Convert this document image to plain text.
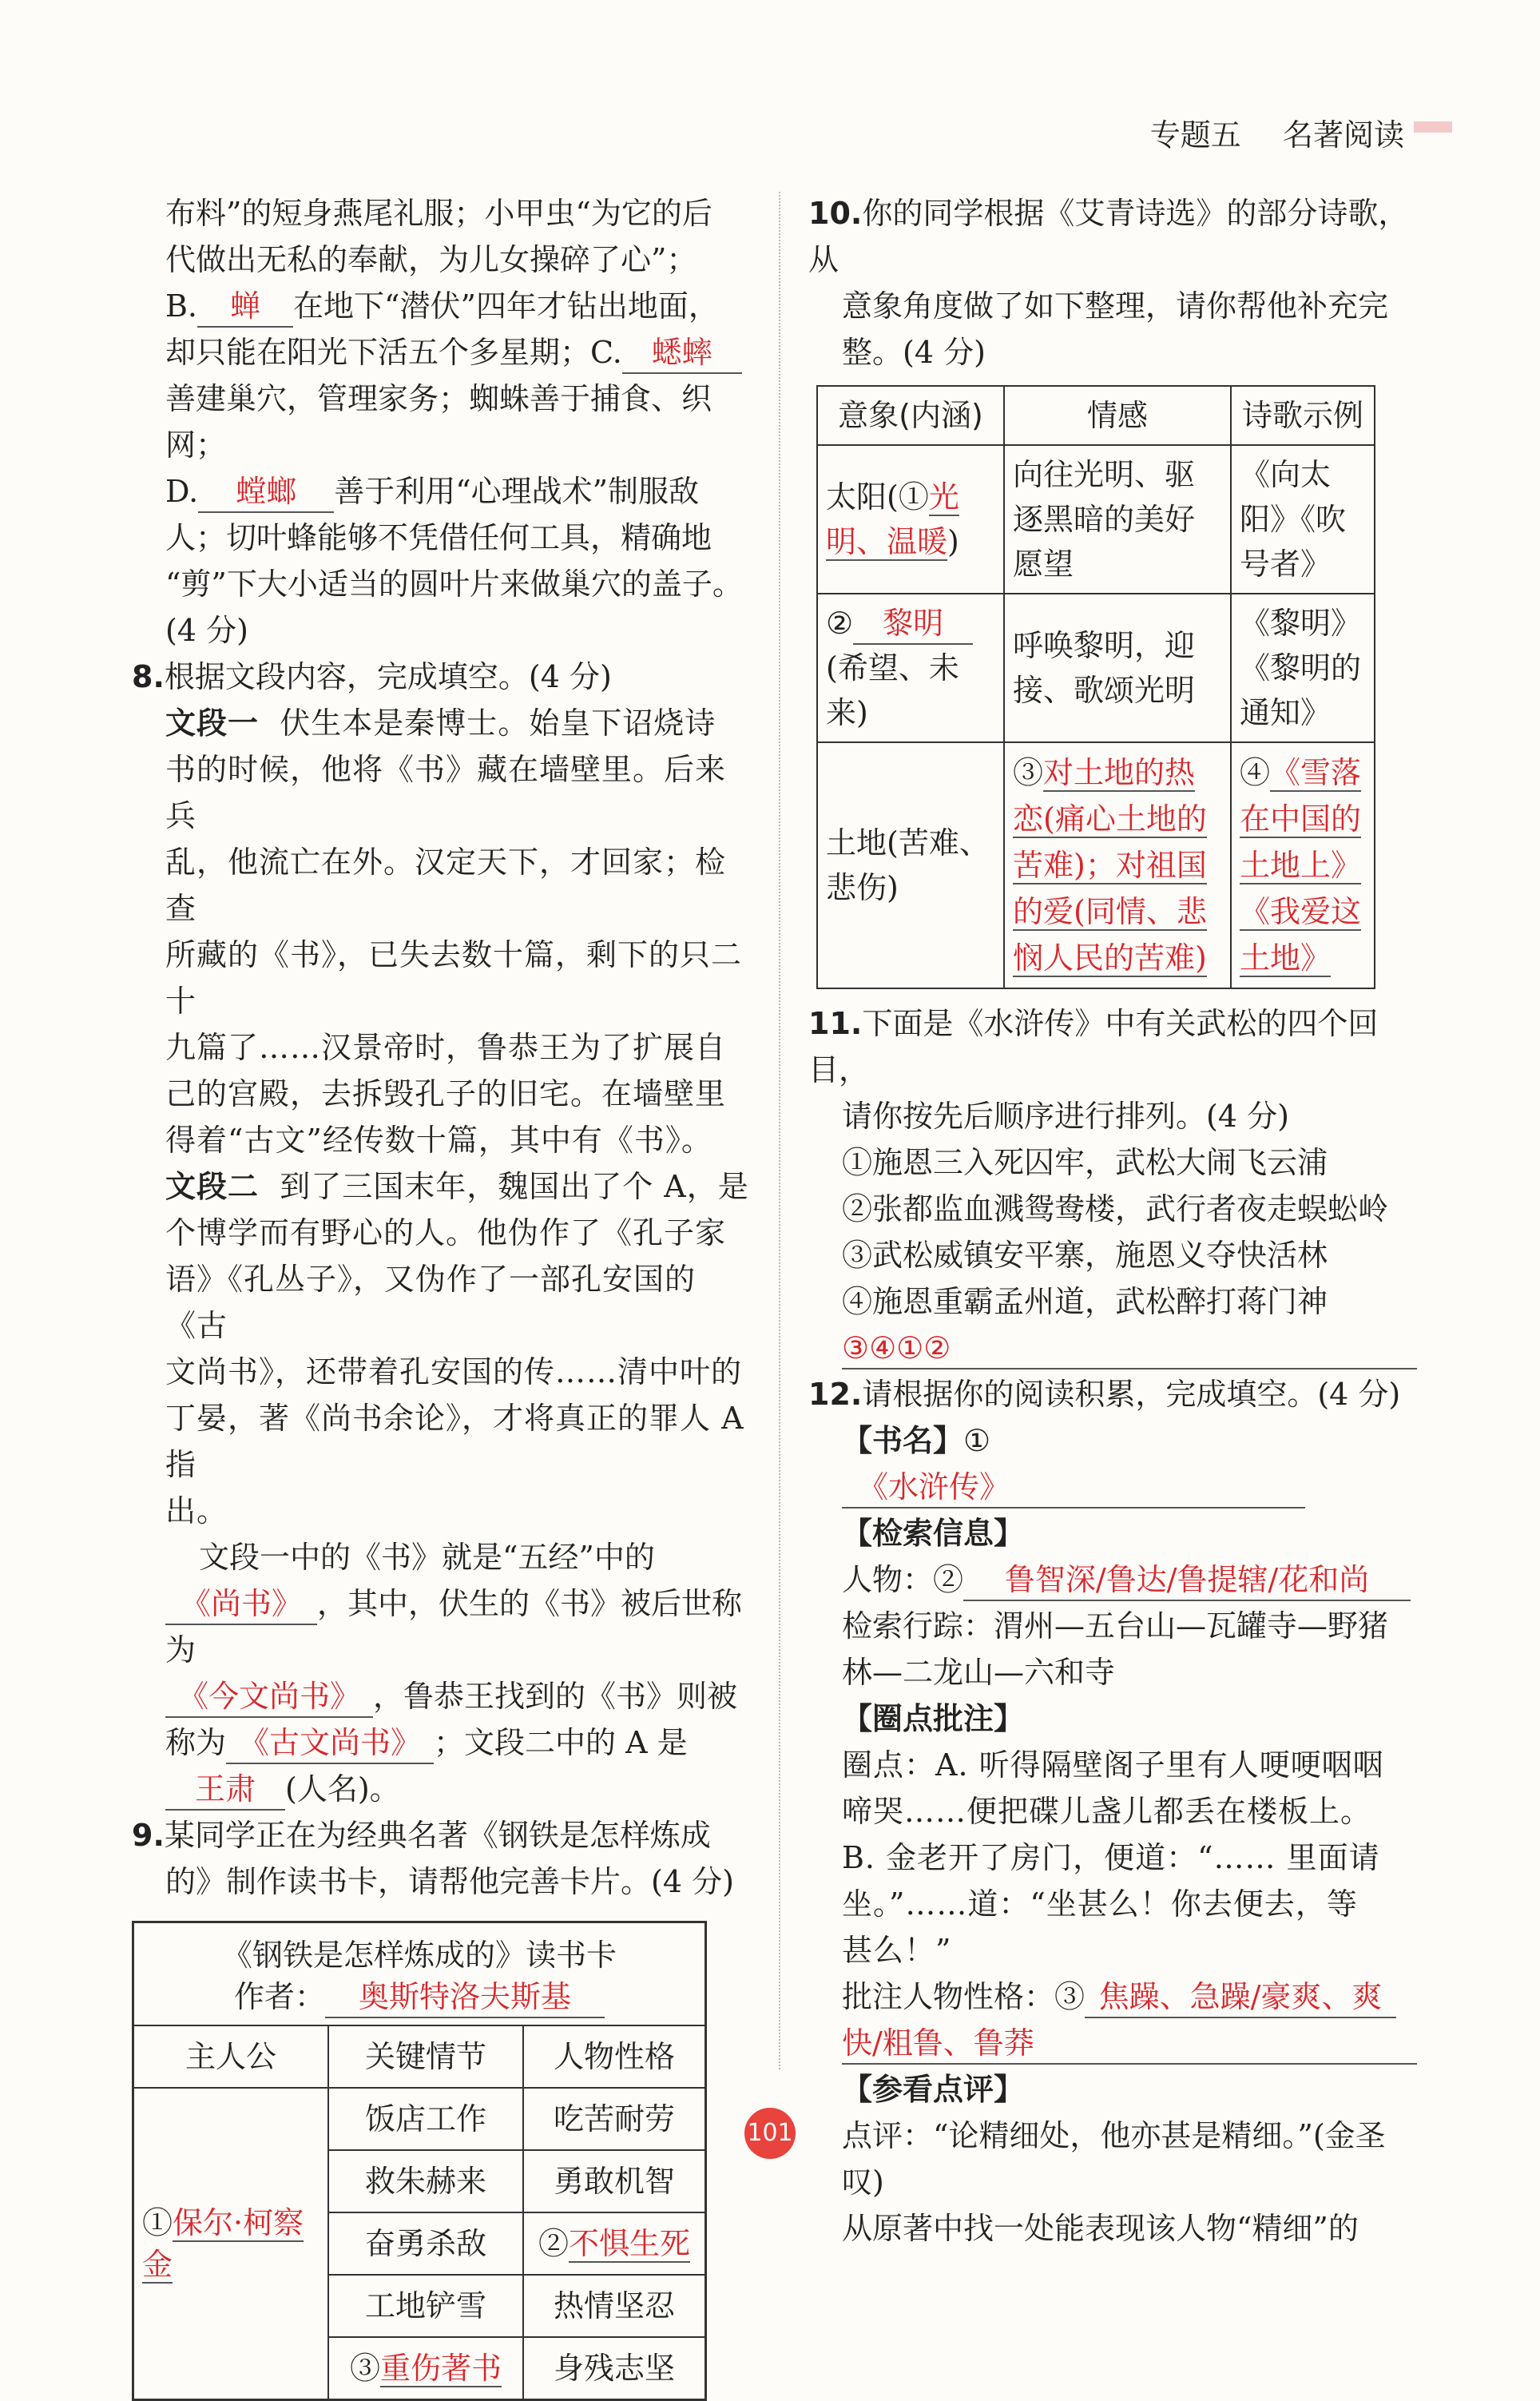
专题五 名著阅读

布料”的短身燕尾礼服；小甲虫“为它的后

代做出无私的奉献，为儿女操碎了心”；

B. 蝉 在地下“潜伏”四年才钻出地面，

却只能在阳光下活五个多星期；C. 蟋蟀

善建巢穴，管理家务；蜘蛛善于捕食、织网；

D. 螳螂 善于利用“心理战术”制服敌

人；切叶蜂能够不凭借任何工具，精确地

“剪”下大小适当的圆叶片来做巢穴的盖子。

(4 分)

8.根据文段内容，完成填空。(4 分)

文段一 伏生本是秦博士。始皇下诏烧诗

书的时候，他将《书》藏在墙壁里。后来兵

乱，他流亡在外。汉定天下，才回家；检查

所藏的《书》，已失去数十篇，剩下的只二十

九篇了……汉景帝时，鲁恭王为了扩展自

己的宫殿，去拆毁孔子的旧宅。在墙壁里

得着“古文”经传数十篇，其中有《书》。

文段二 到了三国末年，魏国出了个 A，是

个博学而有野心的人。他伪作了《孔子家

语》《孔丛子》，又伪作了一部孔安国的《古

文尚书》，还带着孔安国的传……清中叶的

丁晏，著《尚书余论》，才将真正的罪人 A 指

出。

文段一中的《书》就是“五经”中的

《尚书》 ，其中，伏生的《书》被后世称为

《今文尚书》 ，鲁恭王找到的《书》则被

称为 《古文尚书》 ；文段二中的 A 是

王肃 (人名)。

9.某同学正在为经典名著《钢铁是怎样炼成

的》制作读书卡，请帮他完善卡片。(4 分)

《钢铁是怎样炼成的》读书卡
作者： 奥斯特洛夫斯基		

主人公	关键情节	人物性格
①保尔·柯察金	饭店工作	吃苦耐劳
	救朱赫来	勇敢机智
	奋勇杀敌	②不惧生死
	工地铲雪	热情坚忍
	③重伤著书	身残志坚

10.你的同学根据《艾青诗选》的部分诗歌，从

意象角度做了如下整理，请你帮他补充完

整。(4 分)

意象(内涵)	情感	诗歌示例
太阳(①光明、温暖)	向往光明、驱逐黑暗的美好愿望	《向太阳》《吹号者》
② 黎明
(希望、未来)	呼唤黎明，迎接、歌颂光明	《黎明》《黎明的通知》
土地(苦难、悲伤)	③对土地的热恋(痛心土地的苦难)；对祖国的爱(同情、悲悯人民的苦难)	④《雪落在中国的土地上》《我爱这土地》

11.下面是《水浒传》中有关武松的四个回目，

请你按先后顺序进行排列。(4 分)

①施恩三入死囚牢，武松大闹飞云浦

②张都监血溅鸳鸯楼，武行者夜走蜈蚣岭

③武松威镇安平寨，施恩义夺快活林

④施恩重霸孟州道，武松醉打蒋门神

③④①②

12.请根据你的阅读积累，完成填空。(4 分)

【书名】①《水浒传》

【检索信息】

人物：② 鲁智深/鲁达/鲁提辖/花和尚

检索行踪：渭州—五台山—瓦罐寺—野猪

林—二龙山—六和寺

【圈点批注】

圈点：A. 听得隔壁阁子里有人哽哽咽咽

啼哭……便把碟儿盏儿都丢在楼板上。

B. 金老开了房门，便道：“…… 里面请

坐。”……道：“坐甚么！你去便去，等

甚么！”

批注人物性格：③ 焦躁、急躁/豪爽、爽

快/粗鲁、鲁莽

【参看点评】

点评：“论精细处，他亦甚是精细。”(金圣

叹)

从原著中找一处能表现该人物“精细”的

101
